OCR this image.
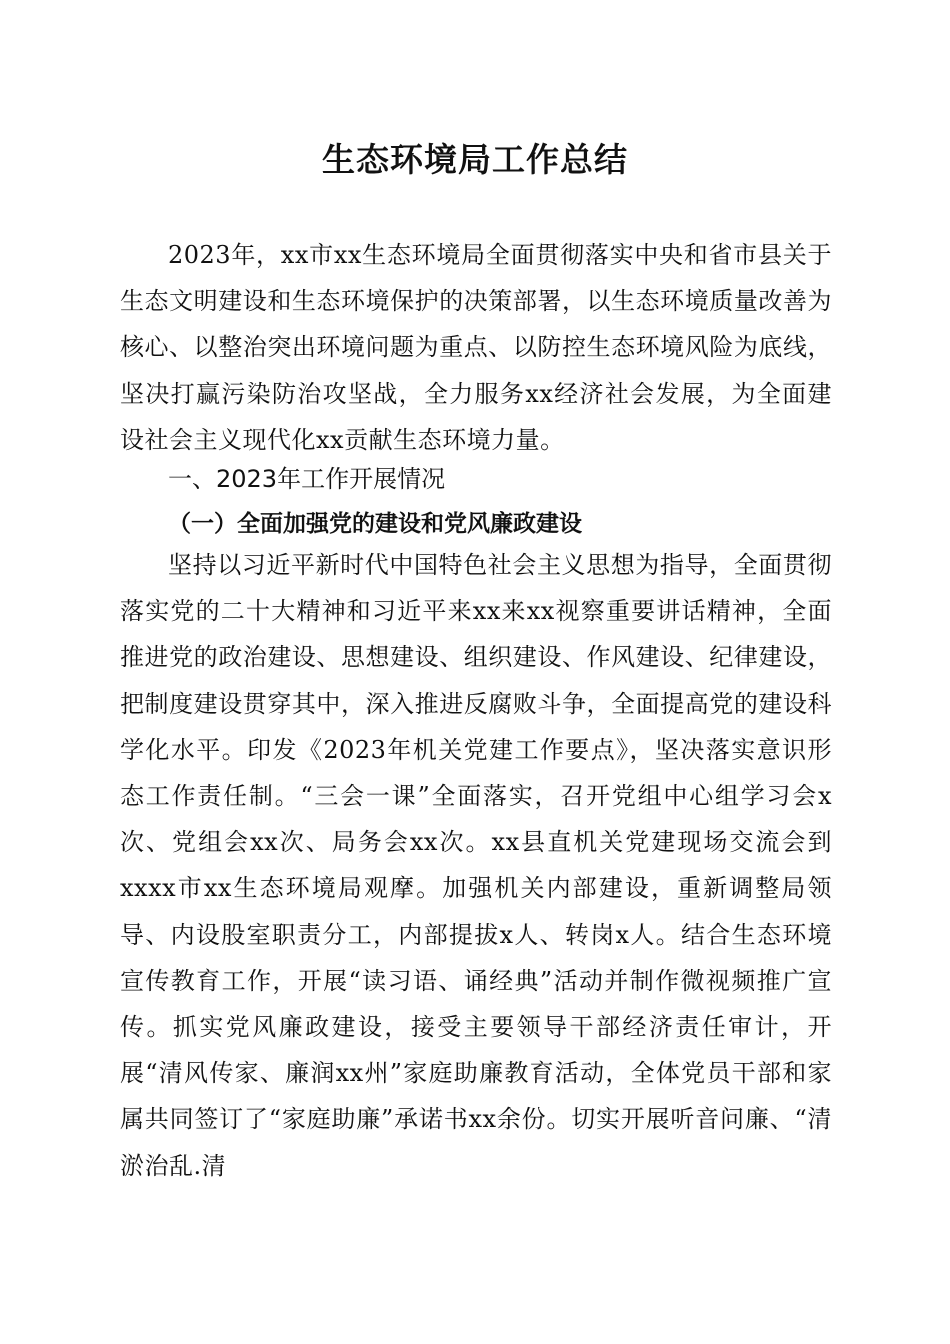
生态环境局工作总结

2023年，xx市xx生态环境局全面贯彻落实中央和省市县关于生态文明建设和生态环境保护的决策部署，以生态环境质量改善为核心、以整治突出环境问题为重点、以防控生态环境风险为底线，坚决打赢污染防治攻坚战，全力服务xx经济社会发展，为全面建设社会主义现代化xx贡献生态环境力量。

一、2023年工作开展情况
（一）全面加强党的建设和党风廉政建设

坚持以习近平新时代中国特色社会主义思想为指导，全面贯彻落实党的二十大精神和习近平来xx来xx视察重要讲话精神，全面推进党的政治建设、思想建设、组织建设、作风建设、纪律建设，把制度建设贯穿其中，深入推进反腐败斗争，全面提高党的建设科学化水平。印发《2023年机关党建工作要点》，坚决落实意识形态工作责任制。“三会一课”全面落实，召开党组中心组学习会x次、党组会xx次、局务会xx次。xx县直机关党建现场交流会到xxxx市xx生态环境局观摩。加强机关内部建设，重新调整局领导、内设股室职责分工，内部提拔x人、转岗x人。结合生态环境宣传教育工作，开展“读习语、诵经典”活动并制作微视频推广宣传。抓实党风廉政建设，接受主要领导干部经济责任审计，开展“清风传家、廉润xx州”家庭助廉教育活动，全体党员干部和家属共同签订了“家庭助廉”承诺书xx余份。切实开展听音问廉、“清淤治乱.清
